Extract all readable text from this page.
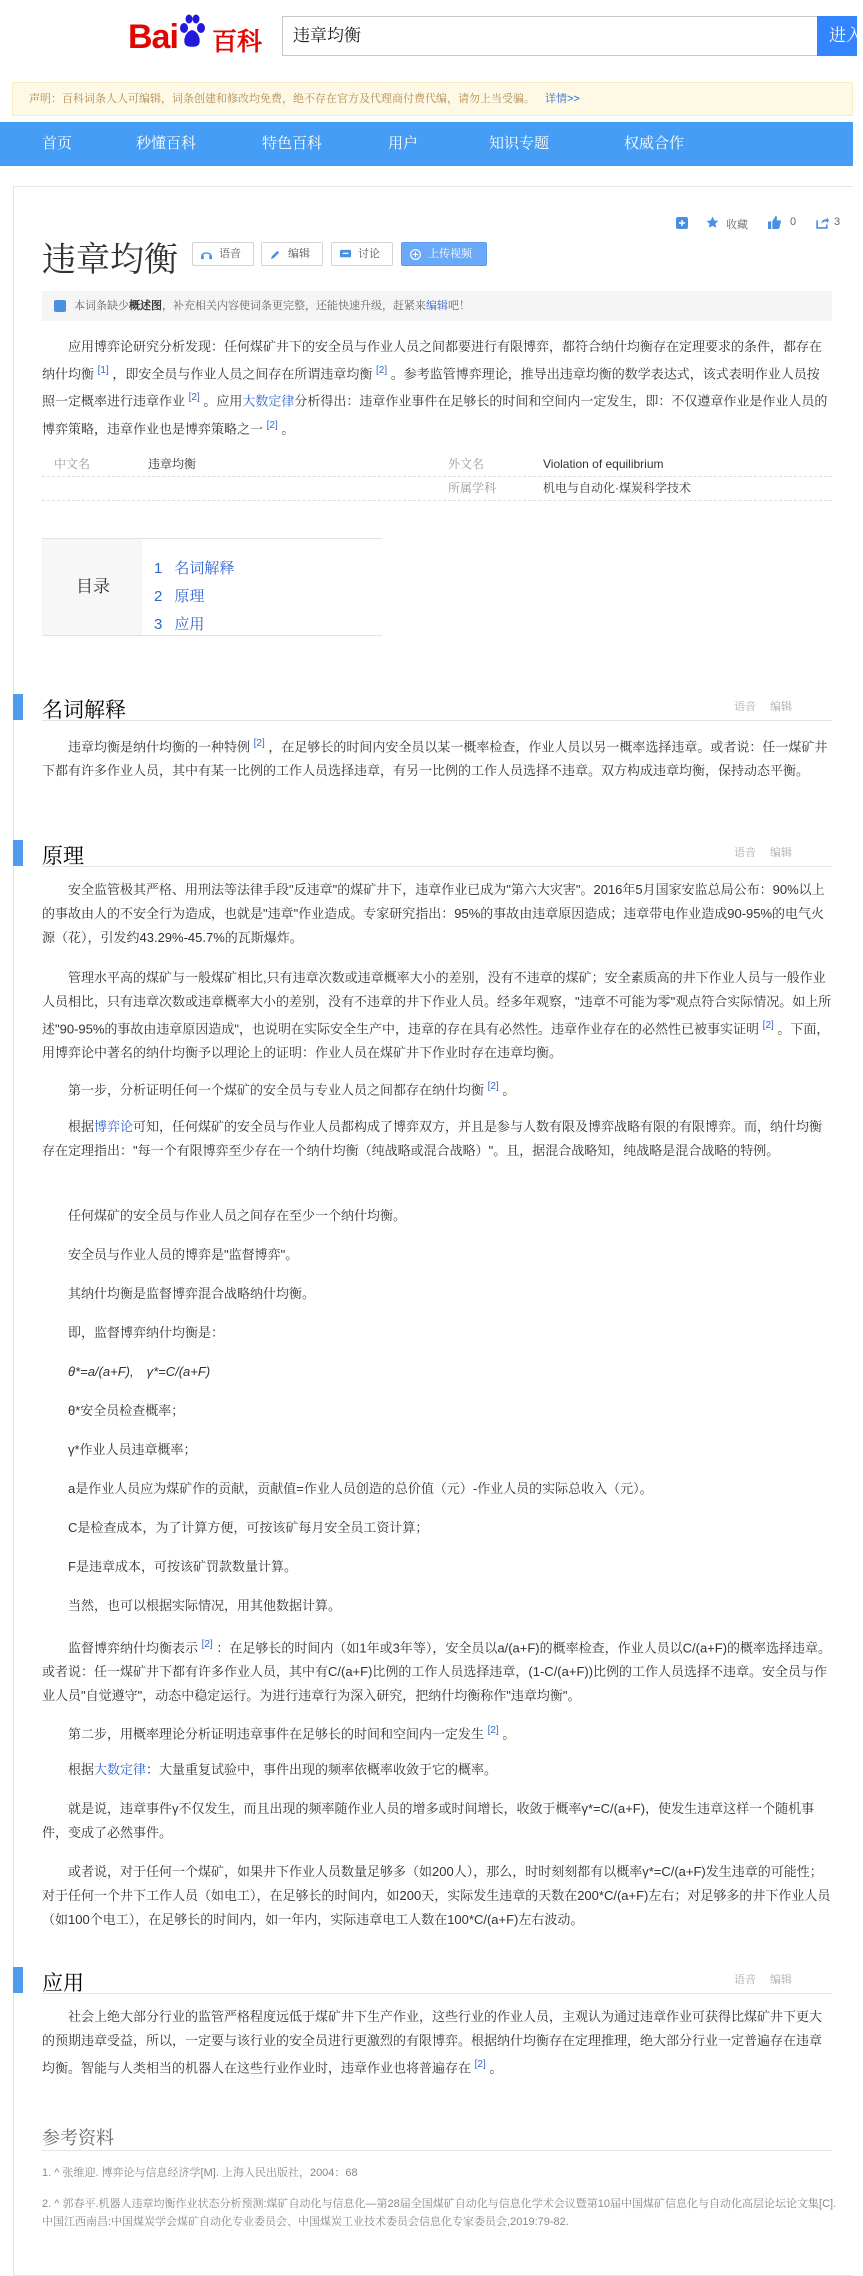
Bai 百科	违章均衡	进入
声明：百科词条人人可编辑，词条创建和修改均免费，绝不存在官方及代理商付费代编，请勿上当受骗。 详情>>
首页	秒懂百科	特色百科	用户	知识专题	权威合作
收藏	0	3
违章均衡	语音	编辑	讨论	上传视频
本词条缺少概述图，补充相关内容使词条更完整，还能快速升级，赶紧来编辑吧！
应用博弈论研究分析发现：任何煤矿井下的安全员与作业人员之间都要进行有限博弈，都符合纳什均衡存在定理要求的条件，都存在纳什均衡 [1] ，即安全员与作业人员之间存在所谓违章均衡 [2] 。参考监管博弈理论，推导出违章均衡的数学表达式，该式表明作业人员按照一定概率进行违章作业 [2] 。应用大数定律分析得出：违章作业事件在足够长的时间和空间内一定发生，即：不仅遵章作业是作业人员的博弈策略，违章作业也是博弈策略之一 [2] 。
中文名	违章均衡	外文名	Violation of equilibrium
所属学科	机电与自动化·煤炭科学技术
目录
1 名词解释
2 原理
3 应用
名词解释	语音 编辑
违章均衡是纳什均衡的一种特例 [2] ，在足够长的时间内安全员以某一概率检查，作业人员以另一概率选择违章。或者说：任一煤矿井下都有许多作业人员，其中有某一比例的工作人员选择违章，有另一比例的工作人员选择不违章。双方构成违章均衡，保持动态平衡。
原理	语音 编辑
安全监管极其严格、用刑法等法律手段"反违章"的煤矿井下，违章作业已成为"第六大灾害"。2016年5月国家安监总局公布：90%以上的事故由人的不安全行为造成，也就是"违章"作业造成。专家研究指出：95%的事故由违章原因造成；违章带电作业造成90-95%的电气火源（花），引发约43.29%-45.7%的瓦斯爆炸。
管理水平高的煤矿与一般煤矿相比,只有违章次数或违章概率大小的差别，没有不违章的煤矿；安全素质高的井下作业人员与一般作业人员相比，只有违章次数或违章概率大小的差别，没有不违章的井下作业人员。经多年观察，"违章不可能为零"观点符合实际情况。如上所述"90-95%的事故由违章原因造成"，也说明在实际安全生产中，违章的存在具有必然性。违章作业存在的必然性已被事实证明 [2] 。下面，用博弈论中著名的纳什均衡予以理论上的证明：作业人员在煤矿井下作业时存在违章均衡。
第一步，分析证明任何一个煤矿的安全员与专业人员之间都存在纳什均衡 [2] 。
根据博弈论可知，任何煤矿的安全员与作业人员都构成了博弈双方，并且是参与人数有限及博弈战略有限的有限博弈。而，纳什均衡存在定理指出："每一个有限博弈至少存在一个纳什均衡（纯战略或混合战略）"。且，据混合战略知，纯战略是混合战略的特例。
任何煤矿的安全员与作业人员之间存在至少一个纳什均衡。
安全员与作业人员的博弈是"监督博弈"。
其纳什均衡是监督博弈混合战略纳什均衡。
即，监督博弈纳什均衡是：
θ*=a/(a+F),　γ*=C/(a+F)
θ*安全员检查概率；
γ*作业人员违章概率；
a是作业人员应为煤矿作的贡献，贡献值=作业人员创造的总价值（元）-作业人员的实际总收入（元）。
C是检查成本，为了计算方便，可按该矿每月安全员工资计算；
F是违章成本，可按该矿罚款数量计算。
当然，也可以根据实际情况，用其他数据计算。
监督博弈纳什均衡表示 [2] ：在足够长的时间内（如1年或3年等），安全员以a/(a+F)的概率检查，作业人员以C/(a+F)的概率选择违章。或者说：任一煤矿井下都有许多作业人员，其中有C/(a+F)比例的工作人员选择违章，(1-C/(a+F))比例的工作人员选择不违章。安全员与作业人员"自觉遵守"，动态中稳定运行。为进行违章行为深入研究，把纳什均衡称作"违章均衡"。
第二步，用概率理论分析证明违章事件在足够长的时间和空间内一定发生 [2] 。
根据大数定律：大量重复试验中，事件出现的频率依概率收敛于它的概率。
就是说，违章事件γ不仅发生，而且出现的频率随作业人员的增多或时间增长，收敛于概率γ*=C/(a+F)，使发生违章这样一个随机事件，变成了必然事件。
或者说，对于任何一个煤矿，如果井下作业人员数量足够多（如200人），那么，时时刻刻都有以概率γ*=C/(a+F)发生违章的可能性；对于任何一个井下工作人员（如电工），在足够长的时间内，如200天，实际发生违章的天数在200*C/(a+F)左右；对足够多的井下作业人员（如100个电工），在足够长的时间内，如一年内，实际违章电工人数在100*C/(a+F)左右波动。
应用	语音 编辑
社会上绝大部分行业的监管严格程度远低于煤矿井下生产作业，这些行业的作业人员，主观认为通过违章作业可获得比煤矿井下更大的预期违章受益，所以，一定要与该行业的安全员进行更激烈的有限博弈。根据纳什均衡存在定理推理，绝大部分行业一定普遍存在违章均衡。智能与人类相当的机器人在这些行业作业时，违章作业也将普遍存在 [2] 。
参考资料
1. ^ 张维迎. 博弈论与信息经济学[M]. 上海人民出版社，2004：68
2. ^ 郭春平.机器人违章均衡作业状态分析预测:煤矿自动化与信息化—第28届全国煤矿自动化与信息化学术会议暨第10届中国煤矿信息化与自动化高层论坛论文集[C].中国江西南昌:中国煤炭学会煤矿自动化专业委员会、中国煤炭工业技术委员会信息化专家委员会,2019:79-82.
